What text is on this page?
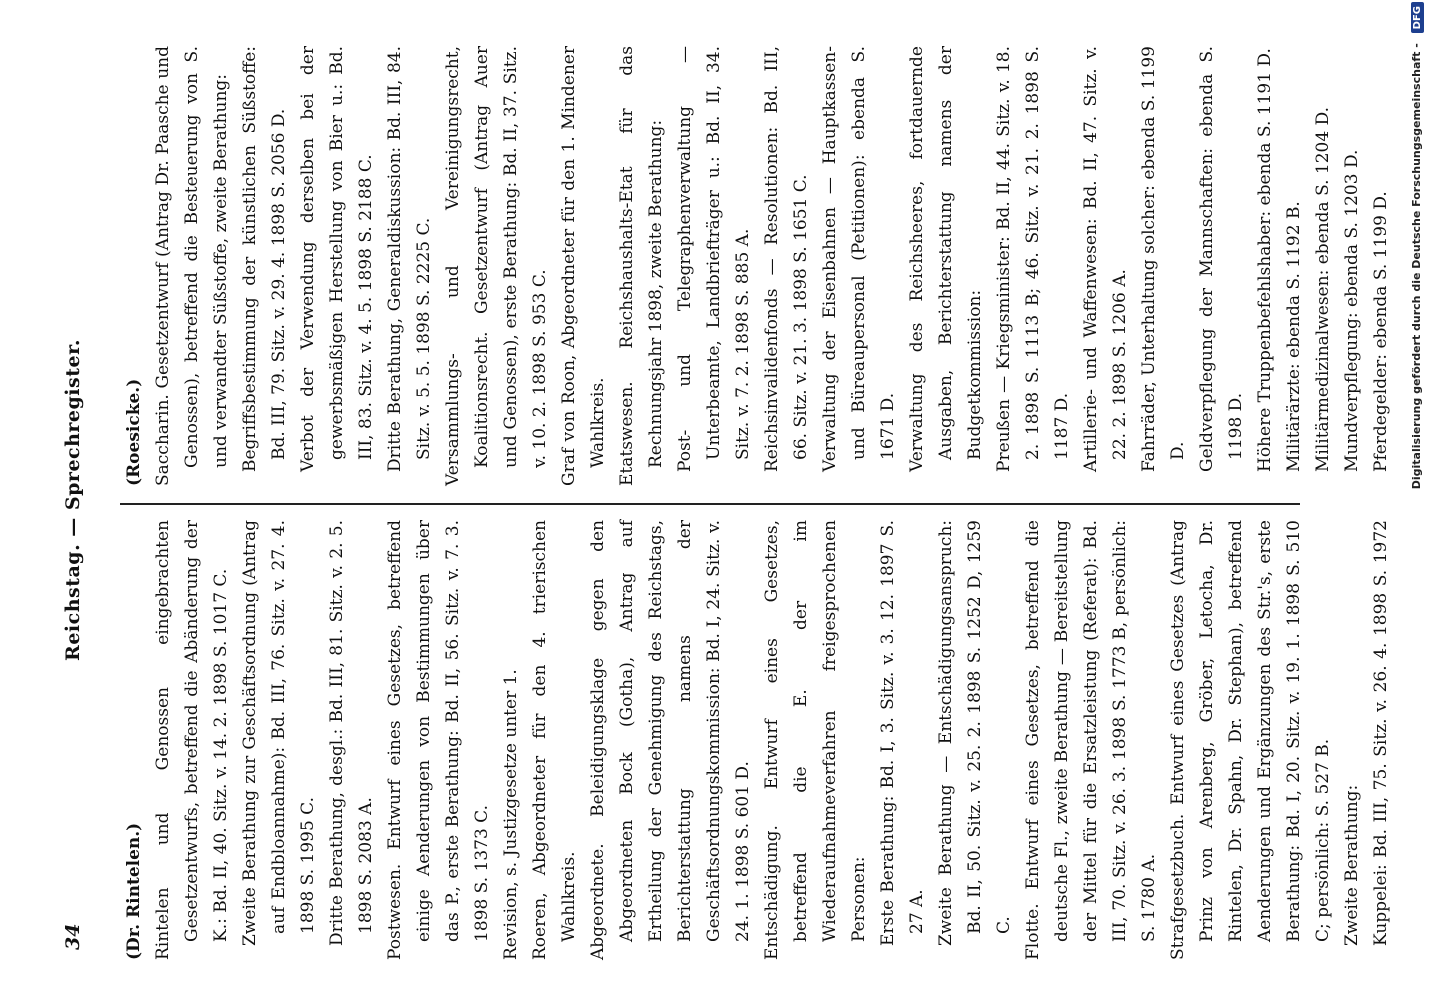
34
Reichstag. — Sprechregister.

(Dr. Rintelen.) Rintelen und Genossen eingebrachten Gesetzentwurfs, betreffend die Abänderung der K.: Bd. II, 40. Sitz. v. 14. 2. 1898 S. 1017 C. Zweite Berathung zur Geschäftsordnung (Antrag auf Endbloannahme): Bd. III, 76. Sitz. v. 27. 4. 1898 S. 1995 C. Dritte Berathung, desgl.: Bd. III, 81. Sitz. v. 2. 5. 1898 S. 2083 A. Postwesen. Entwurf eines Gesetzes, betreffend einige Aenderungen von Bestimmungen über das P., erste Berathung: Bd. II, 56. Sitz. v. 7. 3. 1898 S. 1373 C. Revision, s. Justizgesetze unter 1. Roeren, Abgeordneter für den 4. trierischen Wahlkreis. Abgeordnete. Beleidigungsklage gegen den Abgeordneten Bock (Gotha), Antrag auf Ertheilung der Genehmigung des Reichstags, Berichterstattung namens der Geschäftsordnungskommission: Bd. I, 24. Sitz. v. 24. 1. 1898 S. 601 D. Entschädigung. Entwurf eines Gesetzes, betreffend die E. der im Wiederaufnahmeverfahren freigesprochenen Personen: Erste Berathung: Bd. I, 3. Sitz. v. 3. 12. 1897 S. 27 A. Zweite Berathung — Entschädigungsanspruch: Bd. II, 50. Sitz. v. 25. 2. 1898 S. 1252 D, 1259 C. Flotte. Entwurf eines Gesetzes, betreffend die deutsche Fl., zweite Berathung — Bereitstellung der Mittel für die Ersatzleistung (Referat): Bd. III, 70. Sitz. v. 26. 3. 1898 S. 1773 B, persönlich: S. 1780 A. Strafgesetzbuch. Entwurf eines Gesetzes (Antrag Prinz von Arenberg, Gröber, Letocha, Dr. Rintelen, Dr. Spahn, Dr. Stephan), betreffend Aenderungen und Ergänzungen des Str.'s, erste Berathung: Bd. I, 20. Sitz. v. 19. 1. 1898 S. 510 C; persönlich: S. 527 B. Zweite Berathung: Kuppelei: Bd. III, 75. Sitz. v. 26. 4. 1898 S. 1972

(Roesicke.) Saccharin. Gesetzentwurf (Antrag Dr. Paasche und Genossen), betreffend die Besteuerung von S. und verwandter Süßstoffe, zweite Berathung: Begriffsbestimmung der künstlichen Süßstoffe: Bd. III, 79. Sitz. v. 29. 4. 1898 S. 2056 D. Verbot der Verwendung derselben bei der gewerbsmäßigen Herstellung von Bier u.: Bd. III, 83. Sitz. v. 4. 5. 1898 S. 2188 C. Dritte Berathung, Generaldiskussion: Bd. III, 84. Sitz. v. 5. 5. 1898 S. 2225 C. Versammlungs- und Vereinigungsrecht, Koalitionsrecht. Gesetzentwurf (Antrag Auer und Genossen), erste Berathung: Bd. II, 37. Sitz. v. 10. 2. 1898 S. 953 C. Graf von Roon, Abgeordneter für den 1. Mindener Wahlkreis. Etatswesen. Reichshaushalts-Etat für das Rechnungsjahr 1898, zweite Berathung: Post- und Telegraphenverwaltung — Unterbeamte, Landbriefträger u.: Bd. II, 34. Sitz. v. 7. 2. 1898 S. 885 A. Reichsinvalidenfonds — Resolutionen: Bd. III, 66. Sitz. v. 21. 3. 1898 S. 1651 C. Verwaltung der Eisenbahnen — Hauptkassen- und Büreaupersonal (Petitionen): ebenda S. 1671 D. Verwaltung des Reichsheeres, fortdauernde Ausgaben, Berichterstattung namens der Budgetkommission: Preußen — Kriegsminister: Bd. II, 44. Sitz. v. 18. 2. 1898 S. 1113 B; 46. Sitz. v. 21. 2. 1898 S. 1187 D. Artillerie- und Waffenwesen: Bd. II, 47. Sitz. v. 22. 2. 1898 S. 1206 A. Fahrräder, Unterhaltung solcher: ebenda S. 1199 D. Geldverpflegung der Mannschaften: ebenda S. 1198 D. Höhere Truppenbefehlshaber: ebenda S. 1191 D. Militärärzte: ebenda S. 1192 B. Militärmedizinalwesen: ebenda S. 1204 D. Mundverpflegung: ebenda S. 1203 D. Pferdegelder: ebenda S. 1199 D.	Digitalisierung gefördert durch die Deutsche Forschungsgemeinschaft - DFG
